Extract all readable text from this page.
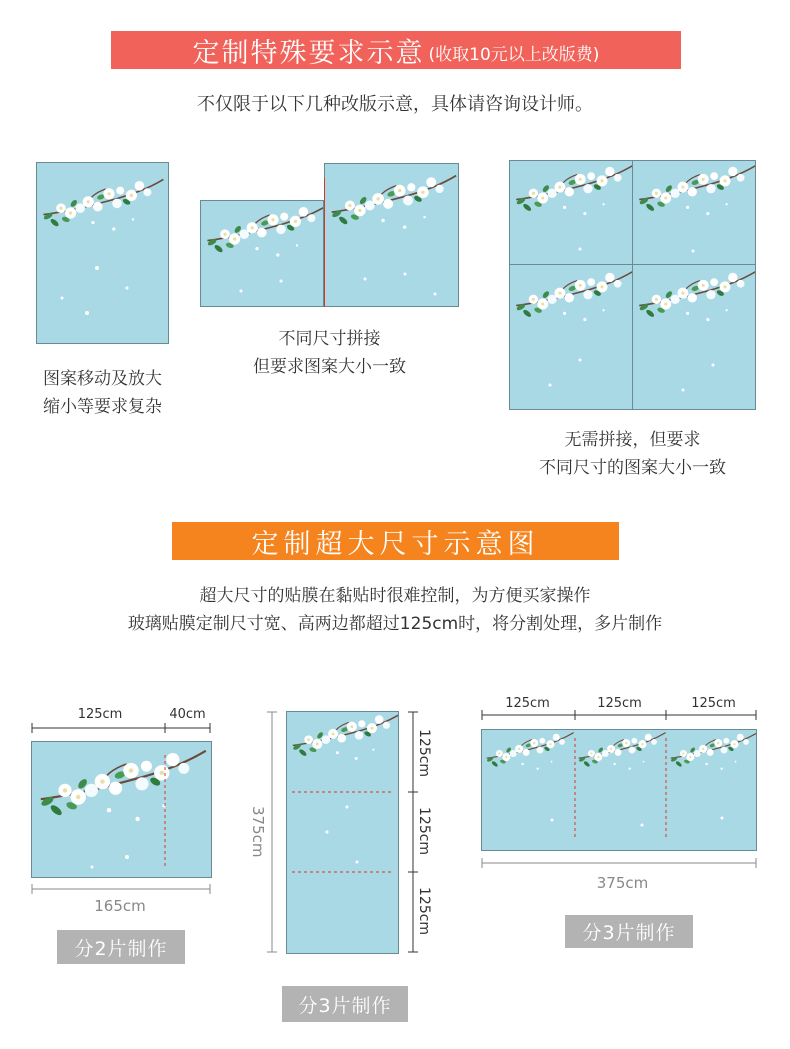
定制特殊要求示意 (收取10元以上改版费)
不仅限于以下几种改版示意，具体请咨询设计师。
图案移动及放大
缩小等要求复杂
不同尺寸拼接
但要求图案大小一致
无需拼接，但要求
不同尺寸的图案大小一致
定制超大尺寸示意图
超大尺寸的贴膜在黏贴时很难控制，为方便买家操作
玻璃贴膜定制尺寸宽、高两边都超过125cm时，将分割处理，多片制作
125cm	40cm
165cm
分2片制作
375cm
125cm
125cm
125cm
分3片制作
125cm	125cm	125cm
375cm
分3片制作
